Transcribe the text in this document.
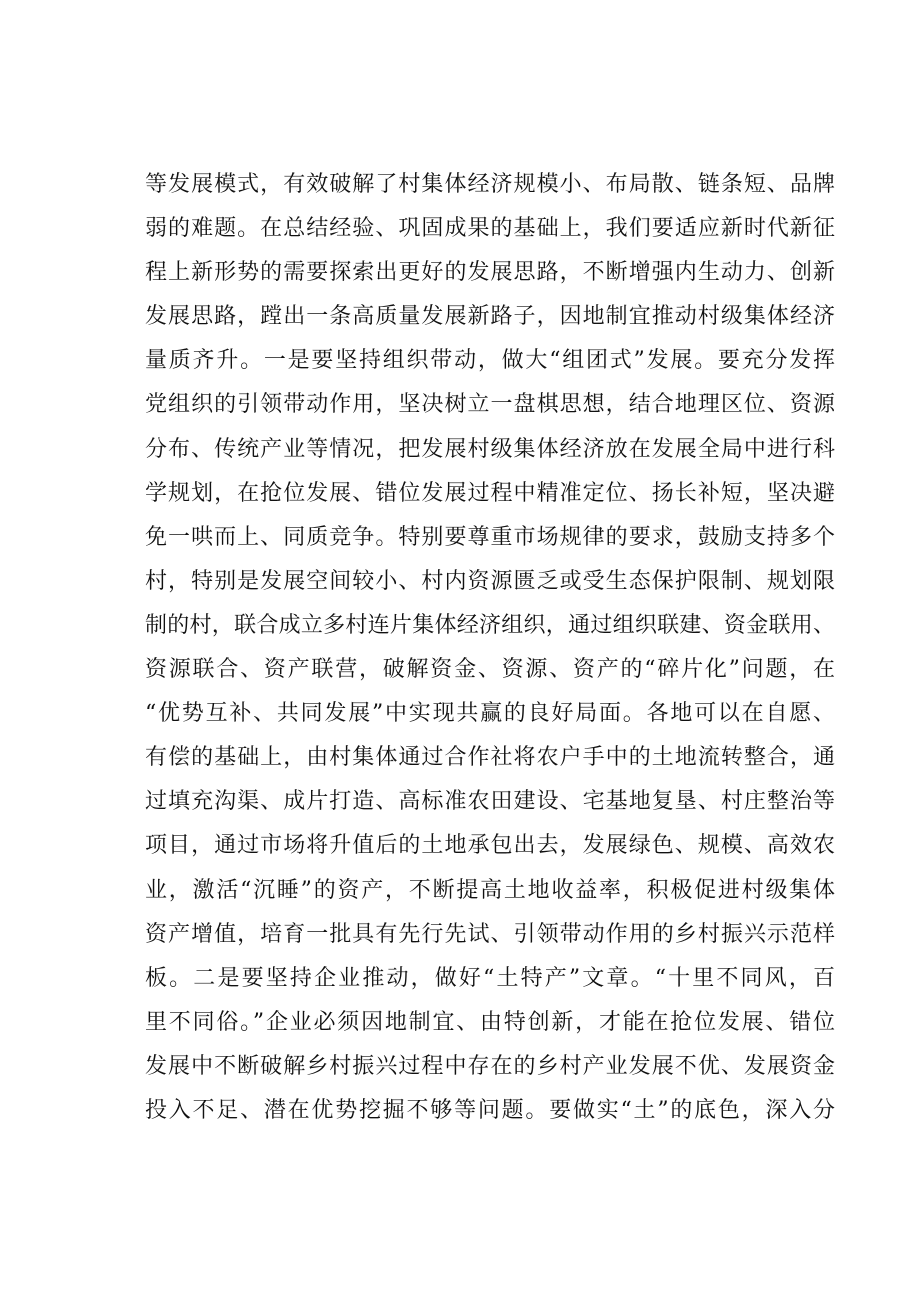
等发展模式，有效破解了村集体经济规模小、布局散、链条短、品牌
弱的难题。在总结经验、巩固成果的基础上，我们要适应新时代新征
程上新形势的需要探索出更好的发展思路，不断增强内生动力、创新
发展思路，蹚出一条高质量发展新路子，因地制宜推动村级集体经济
量质齐升。一是要坚持组织带动，做大“组团式”发展。要充分发挥
党组织的引领带动作用，坚决树立一盘棋思想，结合地理区位、资源
分布、传统产业等情况，把发展村级集体经济放在发展全局中进行科
学规划，在抢位发展、错位发展过程中精准定位、扬长补短，坚决避
免一哄而上、同质竞争。特别要尊重市场规律的要求，鼓励支持多个
村，特别是发展空间较小、村内资源匮乏或受生态保护限制、规划限
制的村，联合成立多村连片集体经济组织，通过组织联建、资金联用、
资源联合、资产联营，破解资金、资源、资产的“碎片化”问题，在
“优势互补、共同发展”中实现共赢的良好局面。各地可以在自愿、
有偿的基础上，由村集体通过合作社将农户手中的土地流转整合，通
过填充沟渠、成片打造、高标准农田建设、宅基地复垦、村庄整治等
项目，通过市场将升值后的土地承包出去，发展绿色、规模、高效农
业，激活“沉睡”的资产，不断提高土地收益率，积极促进村级集体
资产增值，培育一批具有先行先试、引领带动作用的乡村振兴示范样
板。二是要坚持企业推动，做好“土特产”文章。“十里不同风，百
里不同俗。”企业必须因地制宜、由特创新，才能在抢位发展、错位
发展中不断破解乡村振兴过程中存在的乡村产业发展不优、发展资金
投入不足、潜在优势挖掘不够等问题。要做实“土”的底色，深入分
